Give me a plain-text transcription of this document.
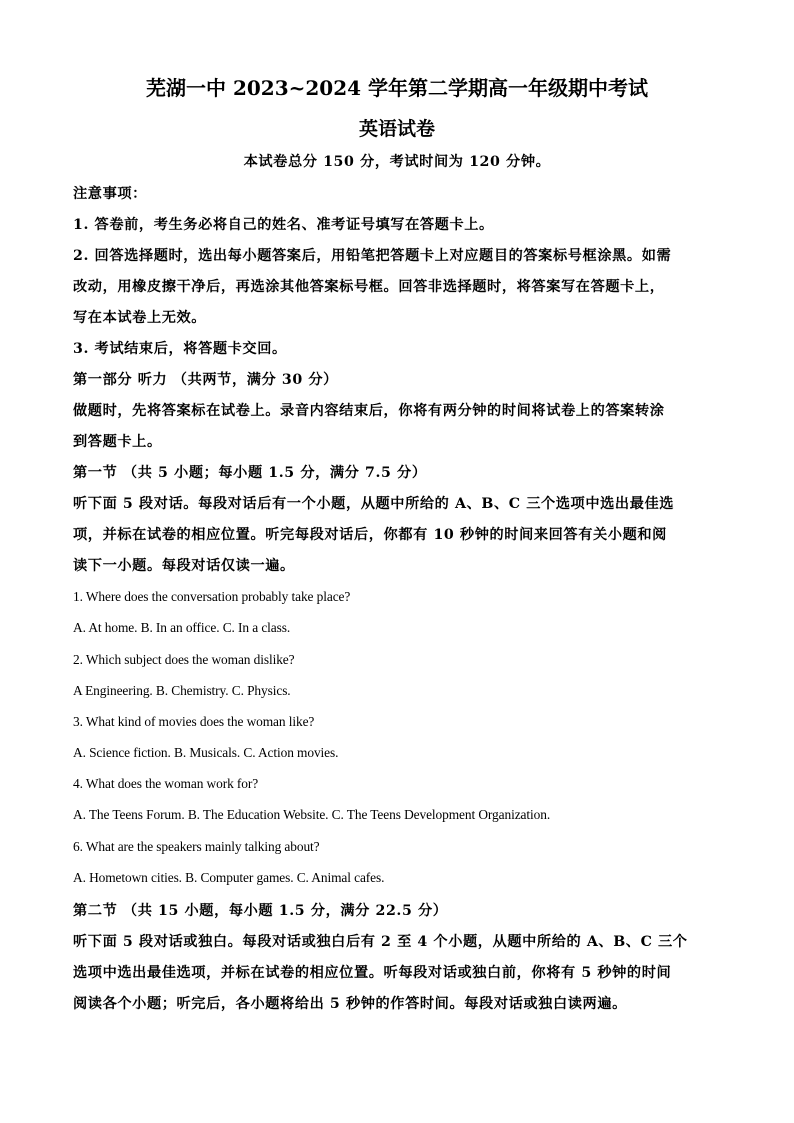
芜湖一中 2023~2024 学年第二学期高一年级期中考试
英语试卷
本试卷总分 150 分，考试时间为 120 分钟。
注意事项：
1. 答卷前，考生务必将自己的姓名、准考证号填写在答题卡上。
2. 回答选择题时，选出每小题答案后，用铅笔把答题卡上对应题目的答案标号框涂黑。如需
改动，用橡皮擦干净后，再选涂其他答案标号框。回答非选择题时，将答案写在答题卡上，
写在本试卷上无效。
3. 考试结束后，将答题卡交回。
第一部分 听力 （共两节，满分 30 分）
做题时，先将答案标在试卷上。录音内容结束后，你将有两分钟的时间将试卷上的答案转涂
到答题卡上。
第一节 （共 5 小题；每小题 1.5 分，满分 7.5 分）
听下面 5 段对话。每段对话后有一个小题，从题中所给的 A、B、C 三个选项中选出最佳选
项，并标在试卷的相应位置。听完每段对话后，你都有 10 秒钟的时间来回答有关小题和阅
读下一小题。每段对话仅读一遍。
1. Where does the conversation probably take place?
A. At home. B. In an office. C. In a class.
2. Which subject does the woman dislike?
A Engineering. B. Chemistry. C. Physics.
3. What kind of movies does the woman like?
A. Science fiction. B. Musicals. C. Action movies.
4. What does the woman work for?
A. The Teens Forum. B. The Education Website. C. The Teens Development Organization.
6. What are the speakers mainly talking about?
A. Hometown cities. B. Computer games. C. Animal cafes.
第二节 （共 15 小题，每小题 1.5 分，满分 22.5 分）
听下面 5 段对话或独白。每段对话或独白后有 2 至 4 个小题，从题中所给的 A、B、C 三个
选项中选出最佳选项，并标在试卷的相应位置。听每段对话或独白前，你将有 5 秒钟的时间
阅读各个小题；听完后，各小题将给出 5 秒钟的作答时间。每段对话或独白读两遍。
